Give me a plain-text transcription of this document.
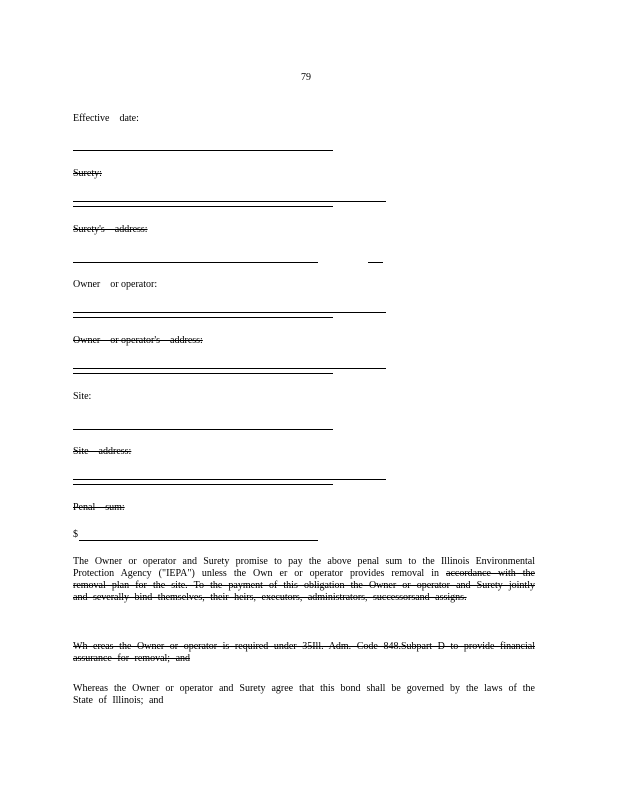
79
Effective    date:
Surety:
Surety's    address:
Owner    or operator:
Owner    or operator's    address:
Site:
Site    address:
Penal    sum:
$
The Owner or operator and Surety promise to pay the above penal sum to the Illinois Environmental Protection Agency ("IEPA") unless the Own er or operator provides removal in accordance with the removal plan for the site. To the payment of this obligation the Owner or operator and Surety jointly and severally bind themselves, their heirs, executors, administrators, successorsand assigns.
Wh ereas the Owner or operator is required under 35Ill. Adm. Code 848.Subpart D to provide financial assurance for removal; and
Whereas the Owner or operator and Surety agree that this bond shall be governed by the laws of the State of Illinois; and
